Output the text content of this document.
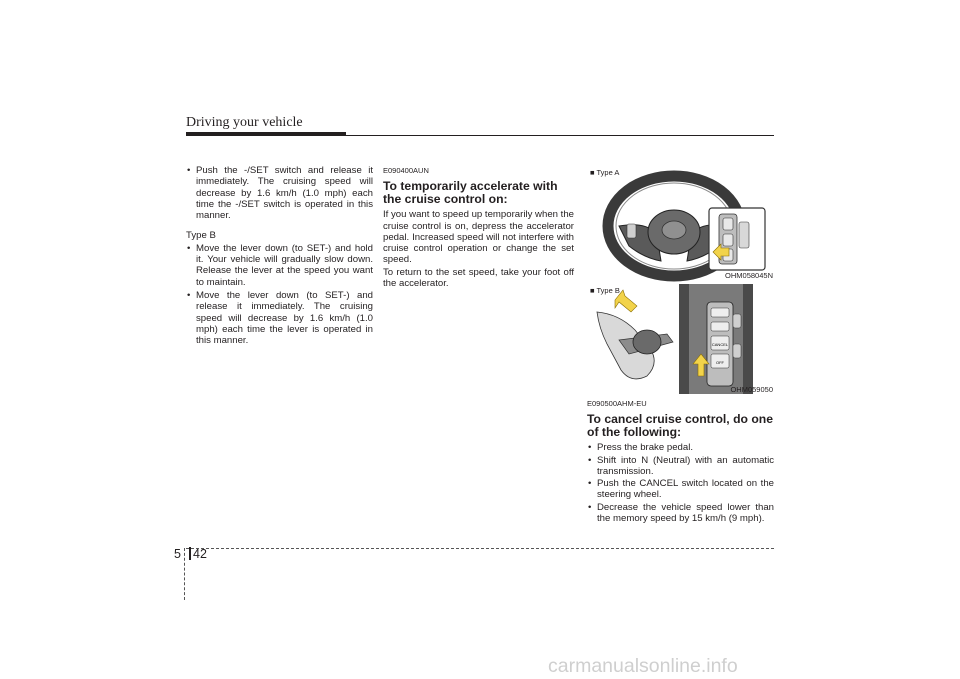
Driving your vehicle
• Push the -/SET switch and release it immediately. The cruising speed will decrease by 1.6 km/h (1.0 mph) each time the -/SET switch is operated in this manner.

Type B

• Move the lever down (to SET-) and hold it. Your vehicle will gradually slow down. Release the lever at the speed you want to maintain.
• Move the lever down (to SET-) and release it immediately. The cruising speed will decrease by 1.6 km/h (1.0 mph) each time the lever is operated in this manner.

E090400AUN

To temporarily accelerate with the cruise control on:

If you want to speed up temporarily when the cruise control is on, depress the accelerator pedal. Increased speed will not interfere with cruise control operation or change the set speed.

To return to the set speed, take your foot off the accelerator.

■ Type A
OHM058045N
CANCEL
OFF
■ Type B
OHM059050

E090500AHM-EU

To cancel cruise control, do one of the following:

• Press the brake pedal.
• Shift into N (Neutral) with an automatic transmission.
• Push the CANCEL switch located on the steering wheel.
• Decrease the vehicle speed lower than the memory speed by 15 km/h (9 mph).
5 42
carmanualsonline.info
